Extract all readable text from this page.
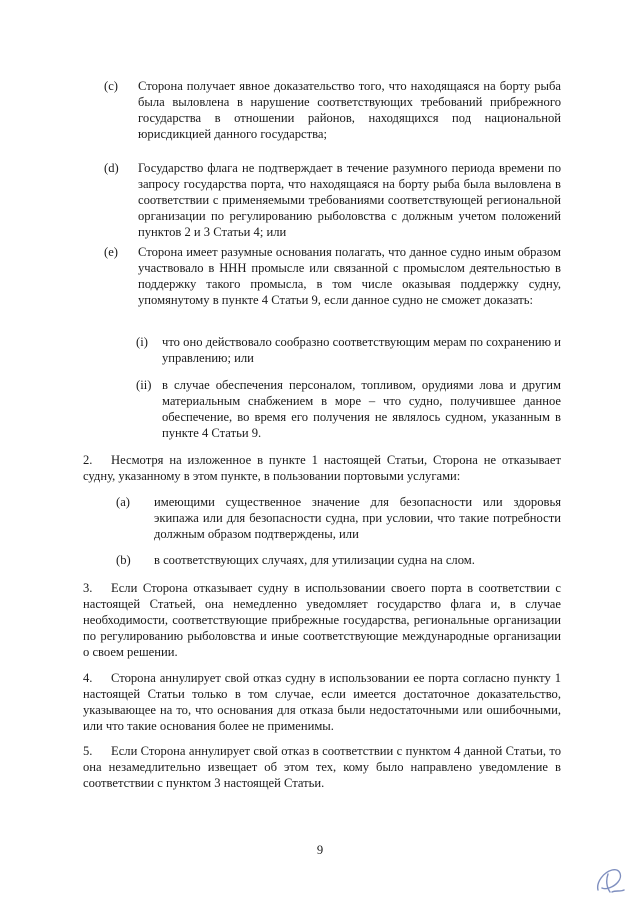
(c)	Сторона получает явное доказательство того, что находящаяся на борту рыба была выловлена в нарушение соответствующих требований прибрежного государства в отношении районов, находящихся под национальной юрисдикцией данного государства;
(d)	Государство флага не подтверждает в течение разумного периода времени по запросу государства порта, что находящаяся на борту рыба была выловлена в соответствии с применяемыми требованиями соответствующей региональной организации по регулированию рыболовства с должным учетом положений пунктов 2 и 3 Статьи 4; или
(e)	Сторона имеет разумные основания полагать, что данное судно иным образом участвовало в ННН промысле или связанной с промыслом деятельностью в поддержку такого промысла, в том числе оказывая поддержку судну, упомянутому в пункте 4 Статьи 9, если данное судно не сможет доказать:
(i)	что оно действовало сообразно соответствующим мерам по сохранению и управлению; или
(ii) в случае обеспечения персоналом, топливом, орудиями лова и другим материальным снабжением в море – что судно, получившее данное обеспечение, во время его получения не являлось судном, указанным в пункте 4 Статьи 9.
2. Несмотря на изложенное в пункте 1 настоящей Статьи, Сторона не отказывает судну, указанному в этом пункте, в пользовании портовыми услугами:
(a)	имеющими существенное значение для безопасности или здоровья экипажа или для безопасности судна, при условии, что такие потребности должным образом подтверждены, или
(b)	в соответствующих случаях, для утилизации судна на слом.
3. Если Сторона отказывает судну в использовании своего порта в соответствии с настоящей Статьей, она немедленно уведомляет государство флага и, в случае необходимости, соответствующие прибрежные государства, региональные организации по регулированию рыболовства и иные соответствующие международные организации о своем решении.
4. Сторона аннулирует свой отказ судну в использовании ее порта согласно пункту 1 настоящей Статьи только в том случае, если имеется достаточное доказательство, указывающее на то, что основания для отказа были недостаточными или ошибочными, или что такие основания более не применимы.
5. Если Сторона аннулирует свой отказ в соответствии с пунктом 4 данной Статьи, то она незамедлительно извещает об этом тех, кому было направлено уведомление в соответствии с пунктом 3 настоящей Статьи.
9
